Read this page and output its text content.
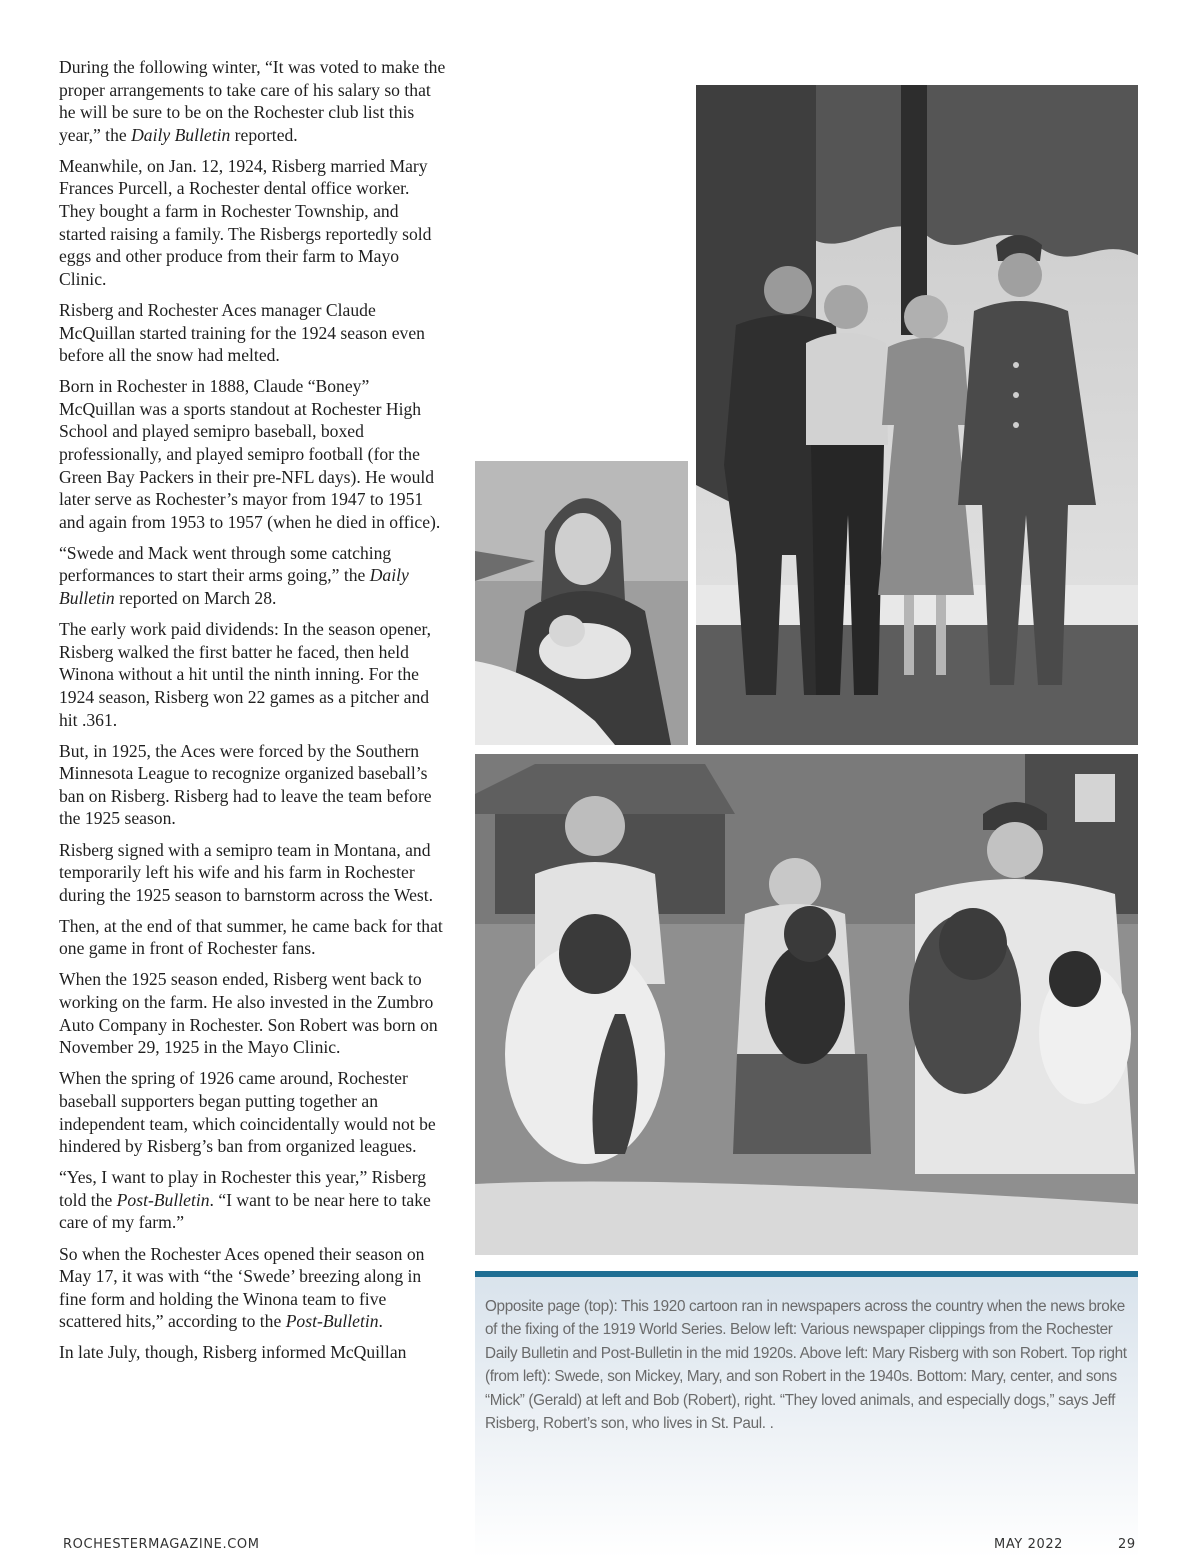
During the following winter, “It was voted to make the proper arrangements to take care of his salary so that he will be sure to be on the Rochester club list this year,” the Daily Bulletin reported.

Meanwhile, on Jan. 12, 1924, Risberg married Mary Frances Purcell, a Rochester dental office worker. They bought a farm in Rochester Township, and started raising a family. The Risbergs reportedly sold eggs and other produce from their farm to Mayo Clinic.

Risberg and Rochester Aces manager Claude McQuillan started training for the 1924 season even before all the snow had melted.

Born in Rochester in 1888, Claude “Boney” McQuillan was a sports standout at Rochester High School and played semipro baseball, boxed professionally, and played semipro football (for the Green Bay Packers in their pre-NFL days). He would later serve as Rochester’s mayor from 1947 to 1951 and again from 1953 to 1957 (when he died in office).

“Swede and Mack went through some catching performances to start their arms going,” the Daily Bulletin reported on March 28.

The early work paid dividends: In the season opener, Risberg walked the first batter he faced, then held Winona without a hit until the ninth inning. For the 1924 season, Risberg won 22 games as a pitcher and hit .361.

But, in 1925, the Aces were forced by the Southern Minnesota League to recognize organized baseball’s ban on Risberg. Risberg had to leave the team before the 1925 season.

Risberg signed with a semipro team in Montana, and temporarily left his wife and his farm in Rochester during the 1925 season to barnstorm across the West.

Then, at the end of that summer, he came back for that one game in front of Rochester fans.

When the 1925 season ended, Risberg went back to working on the farm. He also invested in the Zumbro Auto Company in Rochester. Son Robert was born on November 29, 1925 in the Mayo Clinic.

When the spring of 1926 came around, Rochester baseball supporters began putting together an independent team, which coincidentally would not be hindered by Risberg’s ban from organized leagues.

“Yes, I want to play in Rochester this year,” Risberg told the Post-Bulletin. “I want to be near here to take care of my farm.”

So when the Rochester Aces opened their season on May 17, it was with “the ‘Swede’ breezing along in fine form and holding the Winona team to five scattered hits,” according to the Post-Bulletin.

In late July, though, Risberg informed McQuillan

Opposite page (top): This 1920 cartoon ran in newspapers across the country when the news broke of the fixing of the 1919 World Series. Below left: Various newspaper clippings from the Rochester Daily Bulletin and Post-Bulletin in the mid 1920s. Above left: Mary Risberg with son Robert. Top right (from left): Swede, son Mickey, Mary, and son Robert in the 1940s. Bottom: Mary, center, and sons “Mick” (Gerald) at left and Bob (Robert), right. “They loved animals, and especially dogs,” says Jeff Risberg, Robert’s son, who lives in St. Paul. .

ROCHESTERMAGAZINE.COM	MAY 2022	29
